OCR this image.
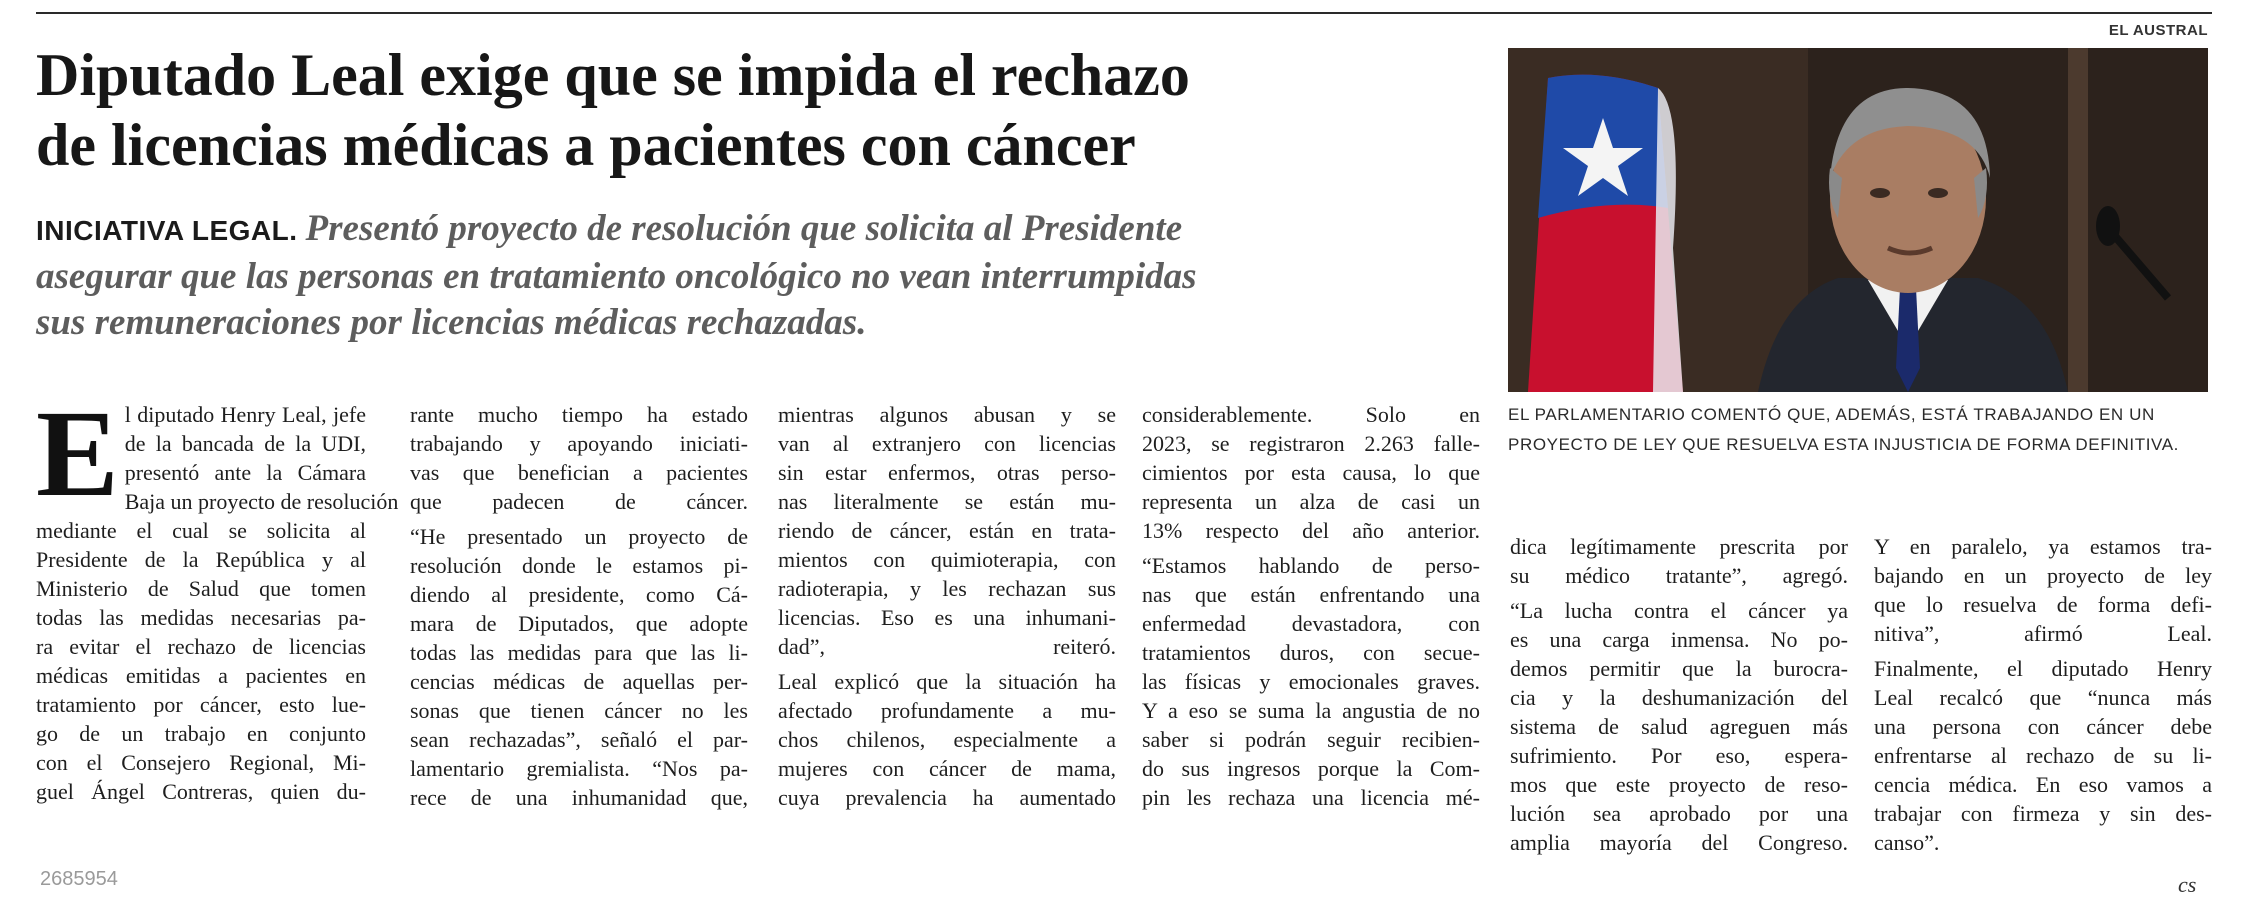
EL AUSTRAL
Diputado Leal exige que se impida el rechazo
de licencias médicas a pacientes con cáncer
INICIATIVA LEGAL. Presentó proyecto de resolución que solicita al Presidente
asegurar que las personas en tratamiento oncológico no vean interrumpidas
sus remuneraciones por licencias médicas rechazadas.
EL PARLAMENTARIO COMENTÓ QUE, ADEMÁS, ESTÁ TRABAJANDO EN UN
PROYECTO DE LEY QUE RESUELVA ESTA INJUSTICIA DE FORMA DEFINITIVA.
E l diputado Henry Leal, jefe
de la bancada de la UDI,
presentó ante la Cámara
Baja un proyecto de resolución
mediante el cual se solicita al
Presidente de la República y al
Ministerio de Salud que tomen
todas las medidas necesarias pa-
ra evitar el rechazo de licencias
médicas emitidas a pacientes en
tratamiento por cáncer, esto lue-
go de un trabajo en conjunto
con el Consejero Regional, Mi-
guel Ángel Contreras, quien du-

rante mucho tiempo ha estado
trabajando y apoyando iniciati-
vas que benefician a pacientes
que padecen de cáncer.

“He presentado un proyecto de
resolución donde le estamos pi-
diendo al presidente, como Cá-
mara de Diputados, que adopte
todas las medidas para que las li-
cencias médicas de aquellas per-
sonas que tienen cáncer no les
sean rechazadas”, señaló el par-
lamentario gremialista. “Nos pa-
rece de una inhumanidad que,

mientras algunos abusan y se
van al extranjero con licencias
sin estar enfermos, otras perso-
nas literalmente se están mu-
riendo de cáncer, están en trata-
mientos con quimioterapia, con
radioterapia, y les rechazan sus
licencias. Eso es una inhumani-
dad”, reiteró.

Leal explicó que la situación ha
afectado profundamente a mu-
chos chilenos, especialmente a
mujeres con cáncer de mama,
cuya prevalencia ha aumentado

considerablemente. Solo en
2023, se registraron 2.263 falle-
cimientos por esta causa, lo que
representa un alza de casi un
13% respecto del año anterior.

“Estamos hablando de perso-
nas que están enfrentando una
enfermedad devastadora, con
tratamientos duros, con secue-
las físicas y emocionales graves.
Y a eso se suma la angustia de no
saber si podrán seguir recibien-
do sus ingresos porque la Com-
pin les rechaza una licencia mé-

dica legítimamente prescrita por
su médico tratante”, agregó.

“La lucha contra el cáncer ya
es una carga inmensa. No po-
demos permitir que la burocra-
cia y la deshumanización del
sistema de salud agreguen más
sufrimiento. Por eso, espera-
mos que este proyecto de reso-
lución sea aprobado por una
amplia mayoría del Congreso.

Y en paralelo, ya estamos tra-
bajando en un proyecto de ley
que lo resuelva de forma defi-
nitiva”, afirmó Leal.

Finalmente, el diputado Henry
Leal recalcó que “nunca más
una persona con cáncer debe
enfrentarse al rechazo de su li-
cencia médica. En eso vamos a
trabajar con firmeza y sin des-
canso”.

2685954	cs
